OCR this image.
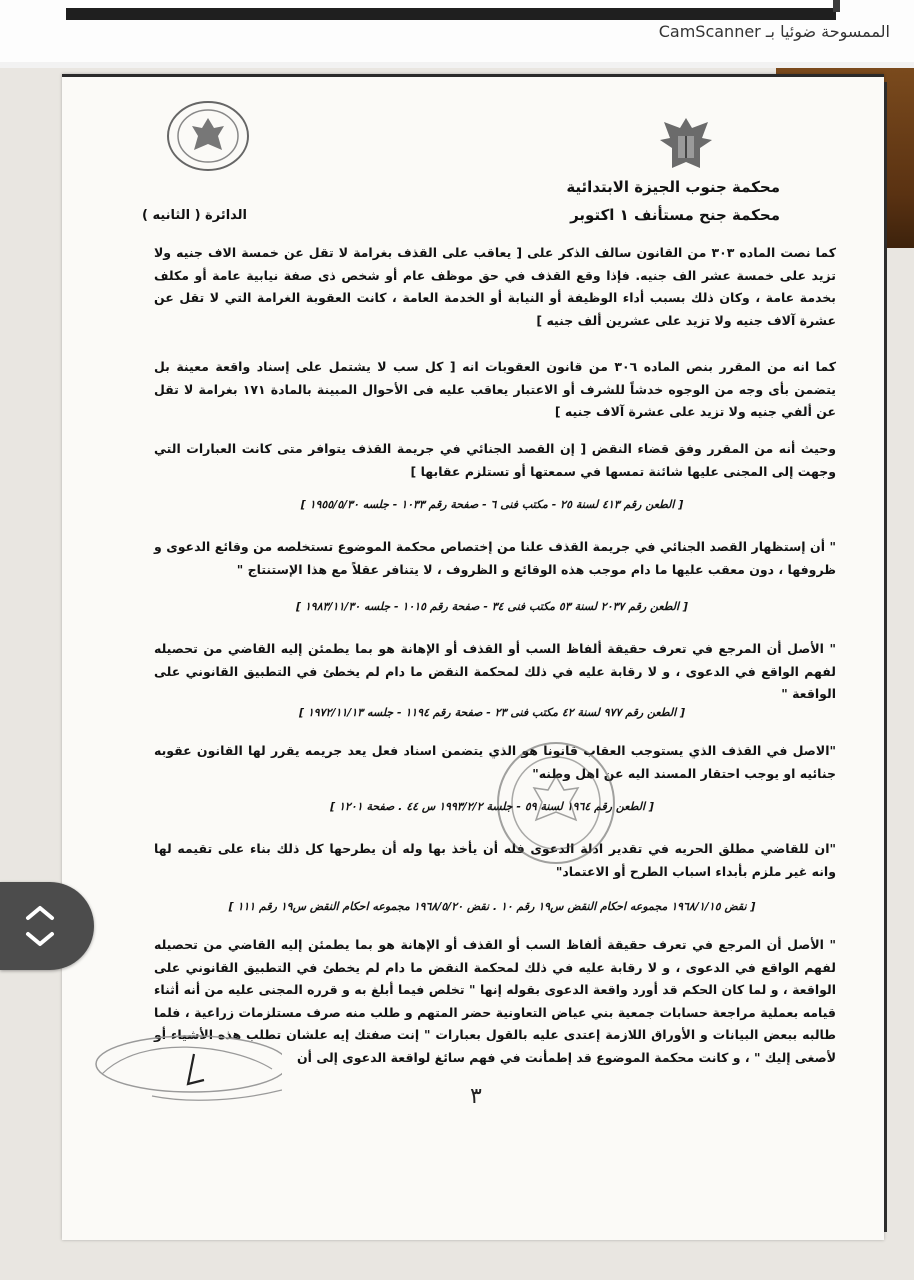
الممسوحة ضوئيا بـ CamScanner
محكمة جنوب الجيزة الابتدائية
محكمة جنح مستأنف ١ اكتوبر
الدائرة ( الثانيه )
كما نصت الماده ٣٠٣ من القانون سالف الذكر على [ يعاقب على القذف بغرامة لا تقل عن خمسة الاف جنيه ولا تزيد على خمسة عشر الف جنيه. فإذا وقع القذف في حق موظف عام أو شخص ذى صفة نيابية عامة أو مكلف بخدمة عامة ، وكان ذلك بسبب أداء الوظيفة أو النيابة أو الخدمة العامة ، كانت العقوبة الغرامة التي لا تقل عن عشرة آلاف جنيه ولا تزيد على عشرين ألف جنيه ]
كما انه من المقرر بنص الماده ٣٠٦ من قانون العقوبات انه [ كل سب لا يشتمل على إسناد واقعة معينة بل يتضمن بأى وجه من الوجوه خدشاً للشرف أو الاعتبار يعاقب عليه فى الأحوال المبينة بالمادة ١٧١ بغرامة لا تقل عن ألفي جنيه ولا تزيد على عشرة آلاف جنيه ]
وحيث أنه من المقرر وفق قضاء النقض [ إن القصد الجنائي في جريمة القذف يتوافر متى كانت العبارات التي وجهت إلى المجنى عليها شائنة تمسها في سمعتها أو تستلزم عقابها ]
[ الطعن رقم ٤١٣ لسنة ٢٥ - مكتب فنى ٦ - صفحة رقم ١٠٣٣ - جلسه ١٩٥٥/٥/٣٠ ]
" أن إستظهار القصد الجنائي في جريمة القذف علنا من إختصاص محكمة الموضوع تستخلصه من وقائع الدعوى و ظروفها ، دون معقب عليها ما دام موجب هذه الوقائع و الظروف ، لا يتنافر عقلاً مع هذا الإستنتاج "
[ الطعن رقم ٢٠٣٧ لسنة ٥٣ مكتب فنى ٣٤ - صفحة رقم ١٠١٥ - جلسه ١٩٨٣/١١/٣٠ ]
" الأصل أن المرجع في تعرف حقيقة ألفاظ السب أو القذف أو الإهانة هو بما يطمئن إليه القاضي من تحصيله لفهم الواقع في الدعوى ، و لا رقابة عليه في ذلك لمحكمة النقض ما دام لم يخطئ في التطبيق القانوني على الواقعة "
[ الطعن رقم ٩٧٧ لسنة ٤٢ مكتب فنى ٢٣ - صفحة رقم ١١٩٤ - جلسه ١٩٧٢/١١/١٣ ]
"الاصل في القذف الذي يستوجب العقاب قانونا هو الذي يتضمن اسناد فعل يعد جريمه يقرر لها القانون عقوبه جنائيه او يوجب احتقار المسند اليه عن اهل وطنه"
[ الطعن رقم ١٩٦٤ لسنة ٥٩ - جلسة ١٩٩٣/٢/٢ س ٤٤ . صفحة ١٢٠١ ]
"ان للقاضي مطلق الحريه في تقدير ادلة الدعوى فله أن يأخذ بها وله أن يطرحها كل ذلك بناء على تقيمه لها وانه غير ملزم بأبداء اسباب الطرح أو الاعتماد"
[ نقض ١٩٦٨/١/١٥ مجموعه احكام النقض س١٩ رقم ١٠ . نقض ١٩٦٨/٥/٢٠ مجموعه احكام النقض س١٩ رقم ١١١ ]
" الأصل أن المرجع في تعرف حقيقة ألفاظ السب أو القذف أو الإهانة هو بما يطمئن إليه القاضي من تحصيله لفهم الواقع في الدعوى ، و لا رقابة عليه في ذلك لمحكمة النقض ما دام لم يخطئ في التطبيق القانوني على الواقعة ، و لما كان الحكم قد أورد واقعة الدعوى بقوله إنها " تخلص فيما أبلغ به و قرره المجنى عليه من أنه أثناء قيامه بعملية مراجعة حسابات جمعية بني عياض التعاونية حضر المتهم و طلب منه صرف مستلزمات زراعية ، فلما طالبه ببعض البيانات و الأوراق اللازمة إعتدى عليه بالقول بعبارات " إنت صفتك إيه علشان تطلب هذه الأشياء أو لأصغى إليك " ، و كانت محكمة الموضوع قد إطمأنت في فهم سائغ لواقعة الدعوى إلى أن
٣
